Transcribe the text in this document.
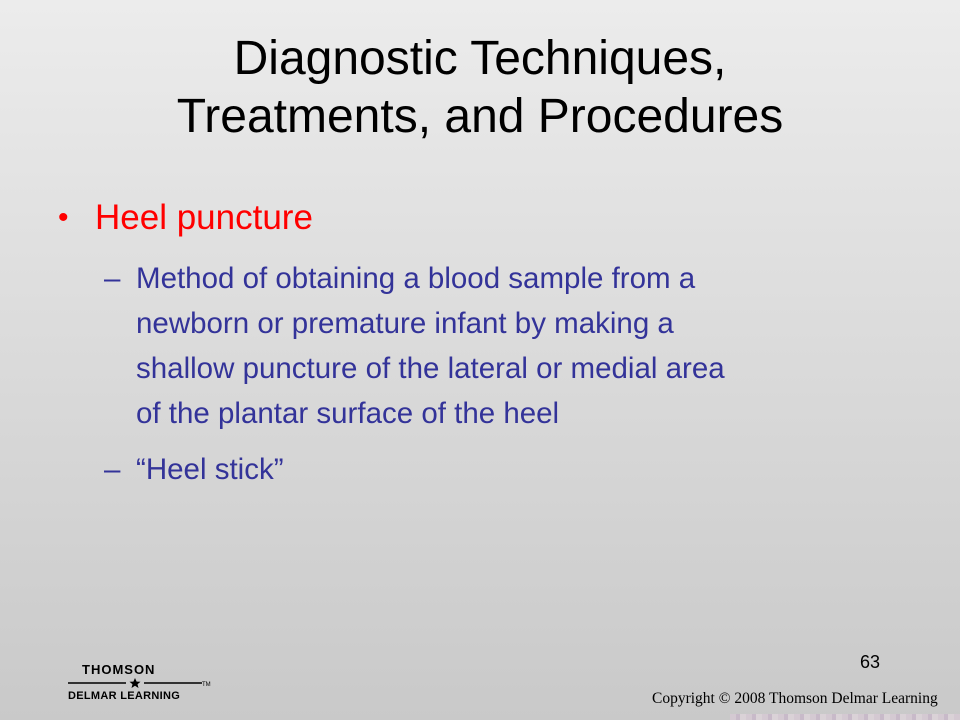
Diagnostic Techniques,
Treatments, and Procedures
• Heel puncture
– Method of obtaining a blood sample from a
newborn or premature infant by making a
shallow puncture of the lateral or medial area
of the plantar surface of the heel
– “Heel stick”
63
THOMSON
TM
DELMAR LEARNING	Copyright © 2008 Thomson Delmar Learning
